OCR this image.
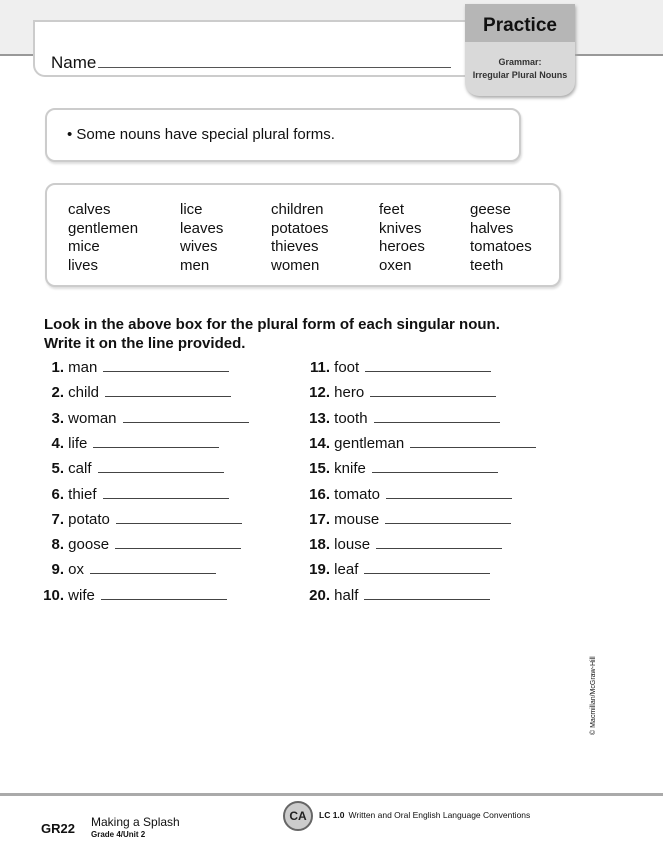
Name
Practice
Grammar:
Irregular Plural Nouns
• Some nouns have special plural forms.
calves	lice	children	feet	geese
gentlemen	leaves	potatoes	knives	halves
mice	wives	thieves	heroes	tomatoes
lives	men	women	oxen	teeth
Look in the above box for the plural form of each singular noun.
Write it on the line provided.
1. man
2. child
3. woman
4. life
5. calf
6. thief
7. potato
8. goose
9. ox
10. wife
11. foot
12. hero
13. tooth
14. gentleman
15. knife
16. tomato
17. mouse
18. louse
19. leaf
20. half
© Macmillan/McGraw-Hill
GR22 Making a Splash
Grade 4/Unit 2
CA	LC 1.0 Written and Oral English Language Conventions
